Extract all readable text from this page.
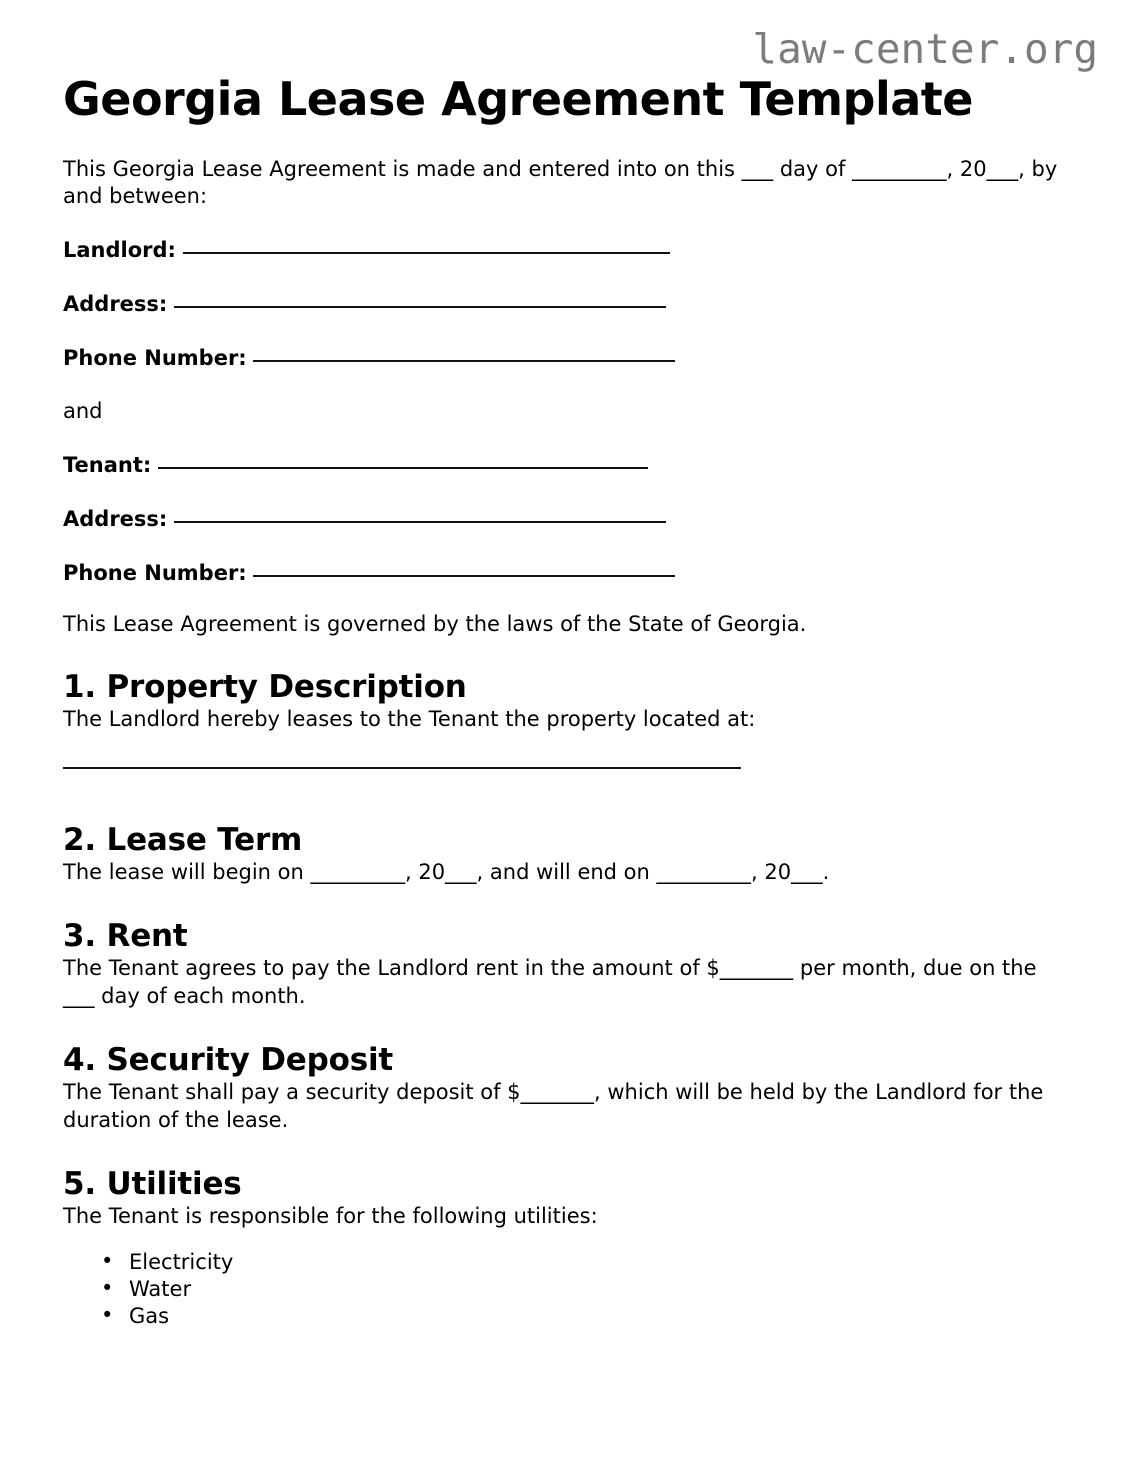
law-center.org
Georgia Lease Agreement Template

This Georgia Lease Agreement is made and entered into on this ___ day of _________, 20___, by and between:

Landlord:
Address:
Phone Number:
and
Tenant:
Address:
Phone Number:
This Lease Agreement is governed by the laws of the State of Georgia.
1. Property Description

The Landlord hereby leases to the Tenant the property located at:

2. Lease Term

The lease will begin on _________, 20___, and will end on _________, 20___.

3. Rent

The Tenant agrees to pay the Landlord rent in the amount of $_______ per month, due on the ___ day of each month.

4. Security Deposit

The Tenant shall pay a security deposit of $_______, which will be held by the Landlord for the duration of the lease.

5. Utilities

The Tenant is responsible for the following utilities:

• Electricity
• Water
• Gas
